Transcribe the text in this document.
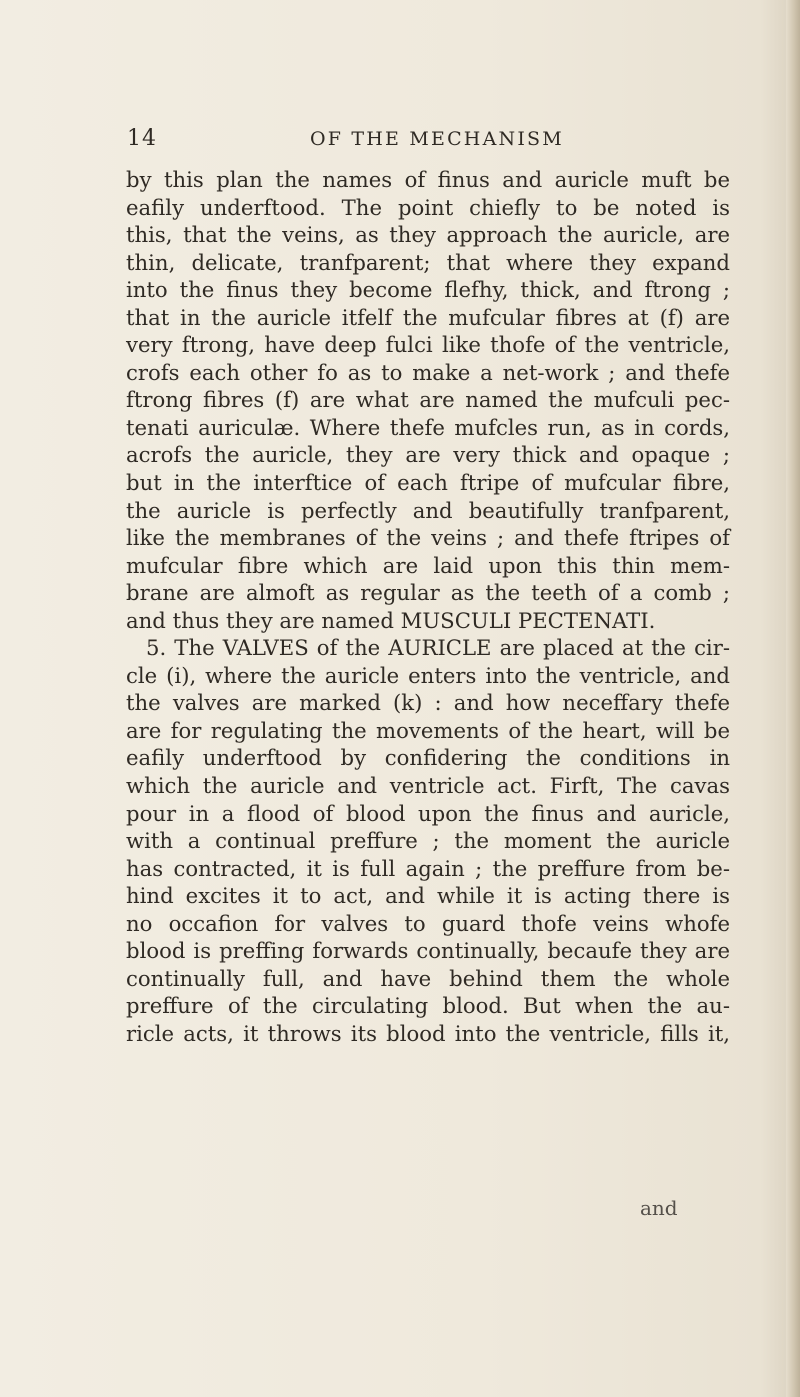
14	OF THE MECHANISM
by this plan the names of finus and auricle muft be
eafily underftood. The point chiefly to be noted is
this, that the veins, as they approach the auricle, are
thin, delicate, tranfparent; that where they expand
into the finus they become flefhy, thick, and ftrong ;
that in the auricle itfelf the mufcular fibres at (f) are
very ftrong, have deep fulci like thofe of the ventricle,
crofs each other fo as to make a net-work ; and thefe
ftrong fibres (f) are what are named the mufculi pec-
tenati auriculæ. Where thefe mufcles run, as in cords,
acrofs the auricle, they are very thick and opaque ;
but in the interftice of each ftripe of mufcular fibre,
the auricle is perfectly and beautifully tranfparent,
like the membranes of the veins ; and thefe ftripes of
mufcular fibre which are laid upon this thin mem-
brane are almoft as regular as the teeth of a comb ;
and thus they are named MUSCULI PECTENATI.
5. The VALVES of the AURICLE are placed at the cir-
cle (i), where the auricle enters into the ventricle, and
the valves are marked (k) : and how neceffary thefe
are for regulating the movements of the heart, will be
eafily underftood by confidering the conditions in
which the auricle and ventricle act. Firft, The cavas
pour in a flood of blood upon the finus and auricle,
with a continual preffure ; the moment the auricle
has contracted, it is full again ; the preffure from be-
hind excites it to act, and while it is acting there is
no occafion for valves to guard thofe veins whofe
blood is preffing forwards continually, becaufe they are
continually full, and have behind them the whole
preffure of the circulating blood. But when the au-
ricle acts, it throws its blood into the ventricle, fills it,
and
